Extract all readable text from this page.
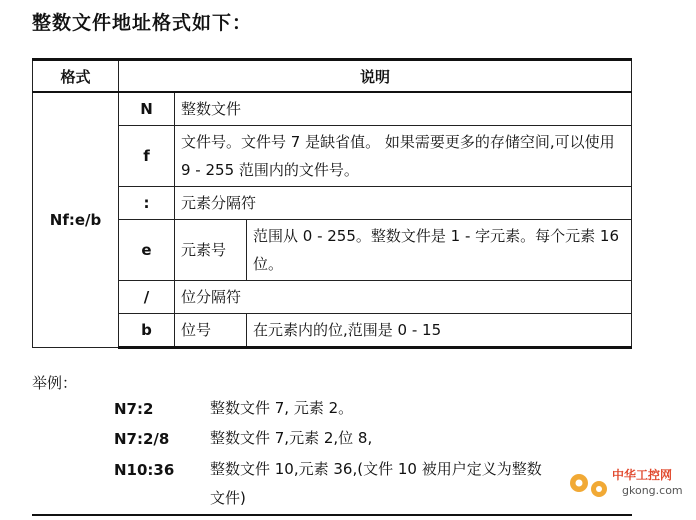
整数文件地址格式如下：
格式	说明		
Nf:e/b	N	整数文件	
	f	文件号。文件号 7 是缺省值。 如果需要更多的存储空间,可以使用 9 - 255 范围内的文件号。	
	:	元素分隔符	
	e	元素号	范围从 0 - 255。整数文件是 1 - 字元素。每个元素 16 位。
	/	位分隔符	
	b	位号	在元素内的位,范围是 0 - 15
举例：
N7:2	整数文件 7, 元素 2。
N7:2/8	整数文件 7,元素 2,位 8,
N10:36 整数文件 10,元素 36,(文件 10 被用户定义为整数
文件)
中华工控网
gkong.com
